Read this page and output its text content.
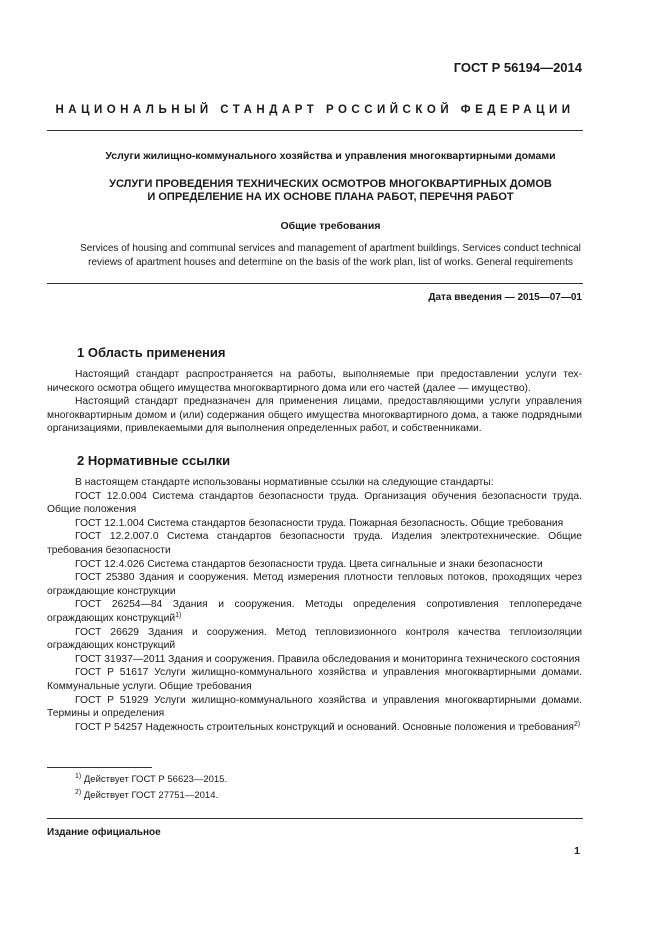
ГОСТ Р 56194—2014
НАЦИОНАЛЬНЫЙ СТАНДАРТ РОССИЙСКОЙ ФЕДЕРАЦИИ
Услуги жилищно-коммунального хозяйства и управления многоквартирными домами
УСЛУГИ ПРОВЕДЕНИЯ ТЕХНИЧЕСКИХ ОСМОТРОВ МНОГОКВАРТИРНЫХ ДОМОВ
И ОПРЕДЕЛЕНИЕ НА ИХ ОСНОВЕ ПЛАНА РАБОТ, ПЕРЕЧНЯ РАБОТ
Общие требования
Services of housing and communal services and management of apartment buildings. Services conduct technical
reviews of apartment houses and determine on the basis of the work plan, list of works. General requirements
Дата введения — 2015—07—01
1 Область применения

Настоящий стандарт распространяется на работы, выполняемые при предоставлении услуги технического осмотра общего имущества многоквартирного дома или его частей (далее — имущество).

Настоящий стандарт предназначен для применения лицами, предоставляющими услуги управления многоквартирным домом и (или) содержания общего имущества многоквартирного дома, а также подрядными организациями, привлекаемыми для выполнения определенных работ, и собственниками.

2 Нормативные ссылки

В настоящем стандарте использованы нормативные ссылки на следующие стандарты:

ГОСТ 12.0.004 Система стандартов безопасности труда. Организация обучения безопасности труда. Общие положения

ГОСТ 12.1.004 Система стандартов безопасности труда. Пожарная безопасность. Общие требования

ГОСТ 12.2.007.0 Система стандартов безопасности труда. Изделия электротехнические. Общие требования безопасности

ГОСТ 12.4.026 Система стандартов безопасности труда. Цвета сигнальные и знаки безопасности

ГОСТ 25380 Здания и сооружения. Метод измерения плотности тепловых потоков, проходящих через ограждающие конструкции

ГОСТ 26254—84 Здания и сооружения. Методы определения сопротивления теплопередаче ограждающих конструкций$^{1)}$

ГОСТ 26629 Здания и сооружения. Метод тепловизионного контроля качества теплоизоляции ограждающих конструкций

ГОСТ 31937—2011 Здания и сооружения. Правила обследования и мониторинга технического состояния

ГОСТ Р 51617 Услуги жилищно-коммунального хозяйства и управления многоквартирными домами. Коммунальные услуги. Общие требования

ГОСТ Р 51929 Услуги жилищно-коммунального хозяйства и управления многоквартирными домами. Термины и определения

ГОСТ Р 54257 Надежность строительных конструкций и оснований. Основные положения и требования$^{2)}$

$^{1)}$ Действует ГОСТ Р 56623—2015.
$^{2)}$ Действует ГОСТ 27751—2014.
Издание официальное
1
